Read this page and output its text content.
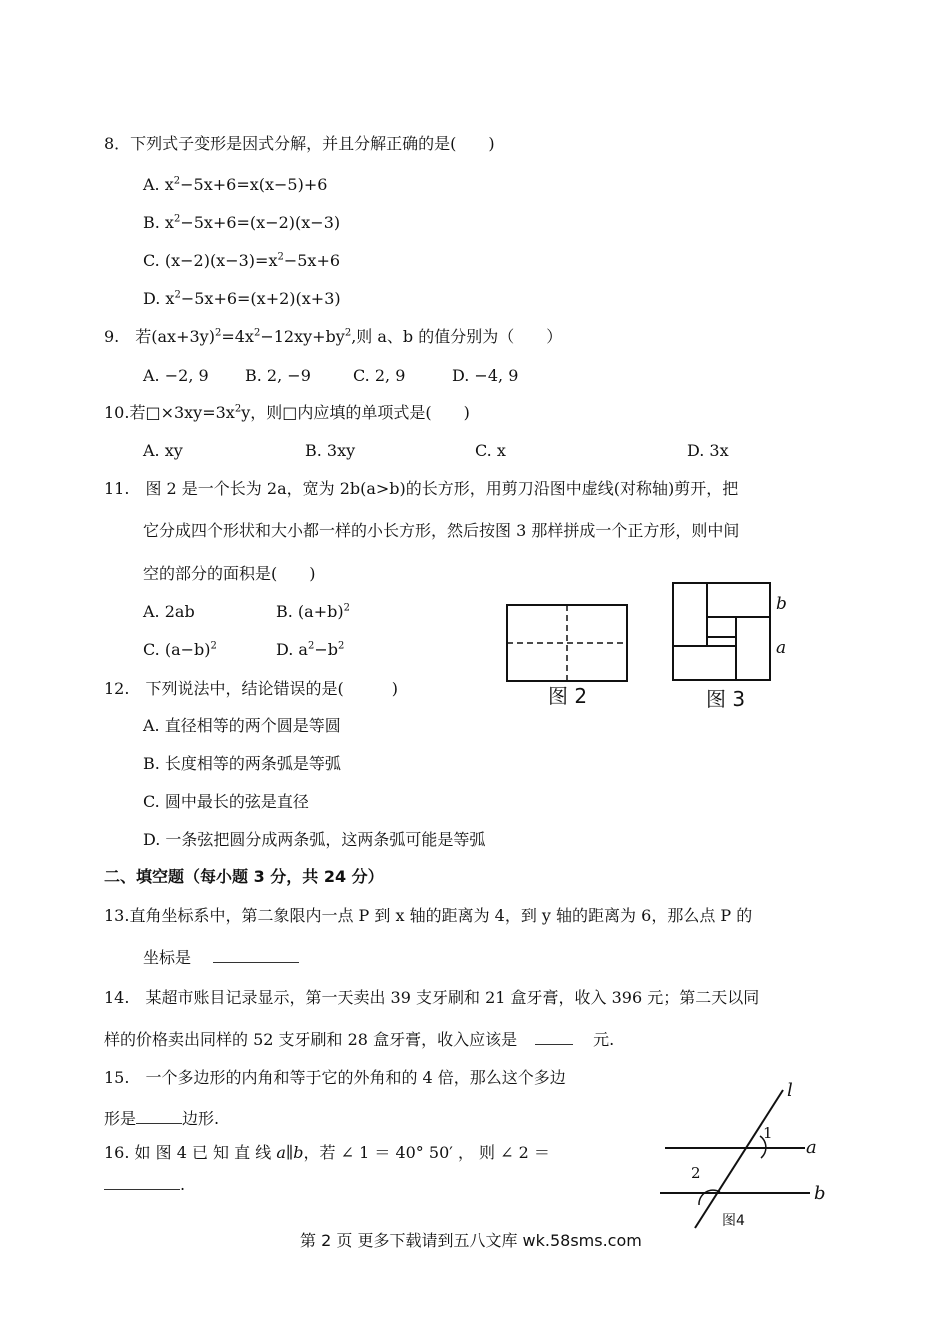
8．下列式子变形是因式分解，并且分解正确的是(　　)
A. $x^2-5x+6=x(x-5)+6$
B. $x^2-5x+6=(x-2)(x-3)$
C. $(x-2)(x-3)=x^2-5x+6$
D. $x^2-5x+6=(x+2)(x+3)$
9.　若$(ax+3y)^2=4x^2-12xy+by^2$,则 a、b 的值分别为（　　）
A. −2, 9 B. 2, −9	C. 2, 9	D. −4, 9
10.若$□\times 3xy=3x^2y$，则□内应填的单项式是(　　)
A. xy	B. 3xy	C. x	D. 3x
11.　图 2 是一个长为 2a，宽为 2b(a>b)的长方形，用剪刀沿图中虚线(对称轴)剪开，把
它分成四个形状和大小都一样的小长方形，然后按图 3 那样拼成一个正方形，则中间
空的部分的面积是(　　)
A. 2ab	B. $(a+b)^2$
C. $(a-b)^2$	D. $a^2-b^2$
图 2
b
a
图 3
12.　下列说法中，结论错误的是(　　　)
A. 直径相等的两个圆是等圆
B. 长度相等的两条弧是等弧
C. 圆中最长的弦是直径
D. 一条弦把圆分成两条弧，这两条弧可能是等弧
二、填空题（每小题 3 分，共 24 分）
13.直角坐标系中，第二象限内一点 P 到 x 轴的距离为 4，到 y 轴的距离为 6，那么点 P 的
坐标是
14.　某超市账目记录显示，第一天卖出 39 支牙刷和 21 盒牙膏，收入 396 元；第二天以同
样的价格卖出同样的 52 支牙刷和 28 盒牙膏，收入应该是	元.
15.　一个多边形的内角和等于它的外角和的 4 倍，那么这个多边
形是	边形.
16. 如 图 4 已 知 直 线 a∥b，若 ∠ 1 ＝ 40° 50′ ， 则 ∠ 2 ＝
.
l
1
2
a
b
图4
第 2 页 更多下载请到五八文库 wk.58sms.com
